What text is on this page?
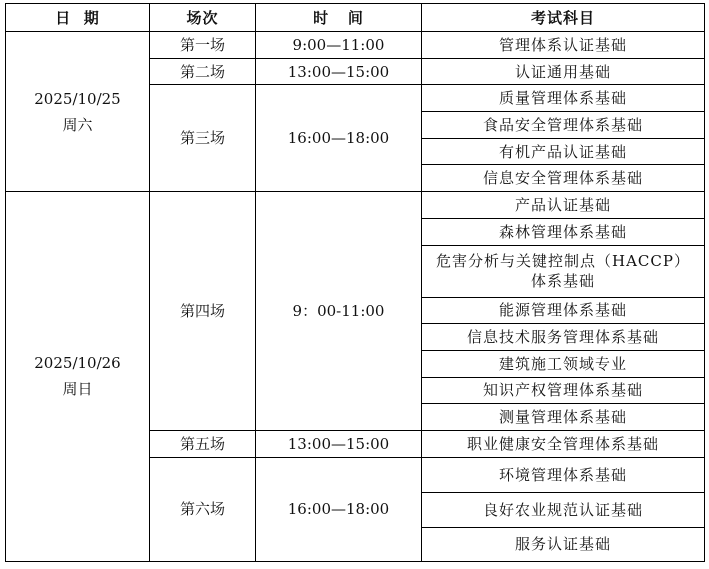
日  期	场次	时   间	考试科目

2025/10/25
周六	第一场	9:00—11:00	管理体系认证基础
	第二场	13:00—15:00	认证通用基础
	第三场	16:00—18:00	质量管理体系基础
			食品安全管理体系基础
			有机产品认证基础
			信息安全管理体系基础

2025/10/26
周日	第四场	9：00-11:00	产品认证基础
			森林管理体系基础
			危害分析与关键控制点（HACCP）体系基础
			能源管理体系基础
			信息技术服务管理体系基础
			建筑施工领域专业
			知识产权管理体系基础
			测量管理体系基础
	第五场	13:00—15:00	职业健康安全管理体系基础
	第六场	16:00—18:00	环境管理体系基础
			良好农业规范认证基础
			服务认证基础
